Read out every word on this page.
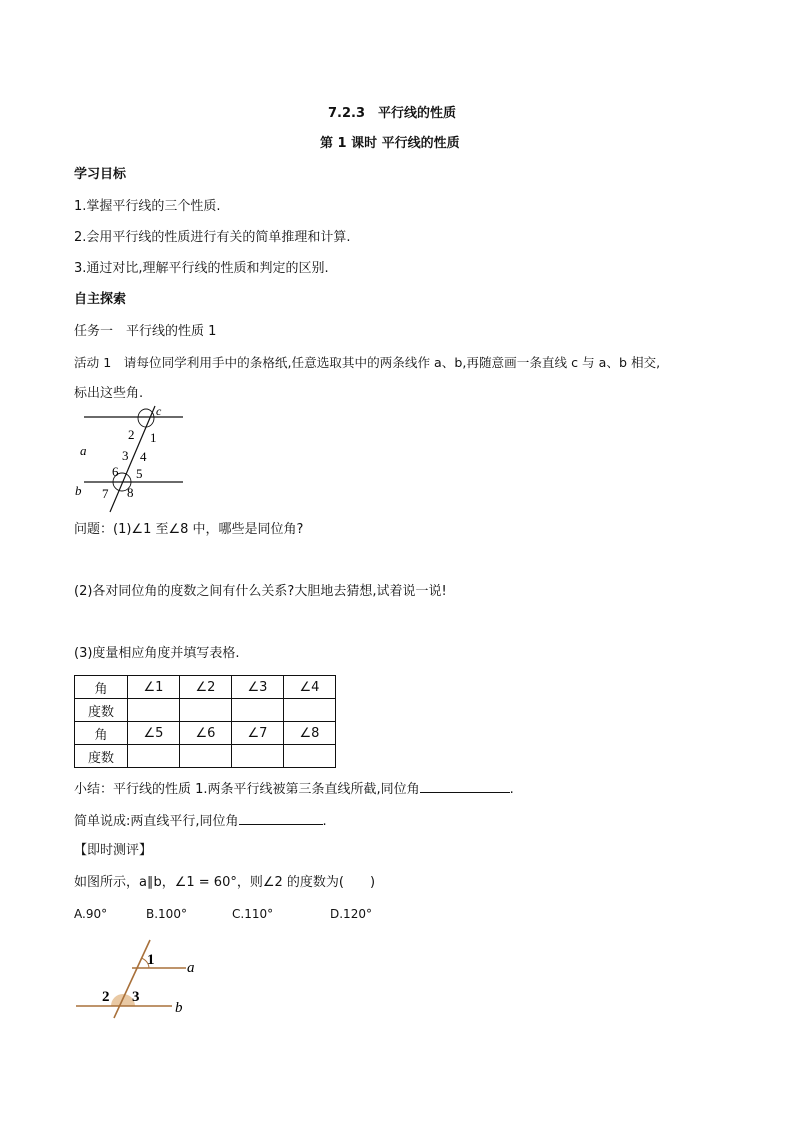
7.2.3　平行线的性质
第 1 课时 平行线的性质
学习目标
1.掌握平行线的三个性质.
2.会用平行线的性质进行有关的简单推理和计算.
3.通过对比,理解平行线的性质和判定的区别.
自主探索
任务一　平行线的性质 1
活动 1　请每位同学利用手中的条格纸,任意选取其中的两条线作 a、b,再随意画一条直线 c 与 a、b 相交,
标出这些角.
c
a
b
2 1
3 4
6 5
7 8
问题：(1)∠1 至∠8 中，哪些是同位角?
(2)各对同位角的度数之间有什么关系?大胆地去猜想,试着说一说!
(3)度量相应角度并填写表格.
角	∠1	∠2	∠3	∠4
度数				
角	∠5	∠6	∠7	∠8
度数				
小结：平行线的性质 1.两条平行线被第三条直线所截,同位角	.
简单说成:两直线平行,同位角	.
【即时测评】
如图所示，a∥b，∠1 = 60°，则∠2 的度数为(　　)
A.90°	B.100°	C.110°	D.120°
1
2 3
a
b
